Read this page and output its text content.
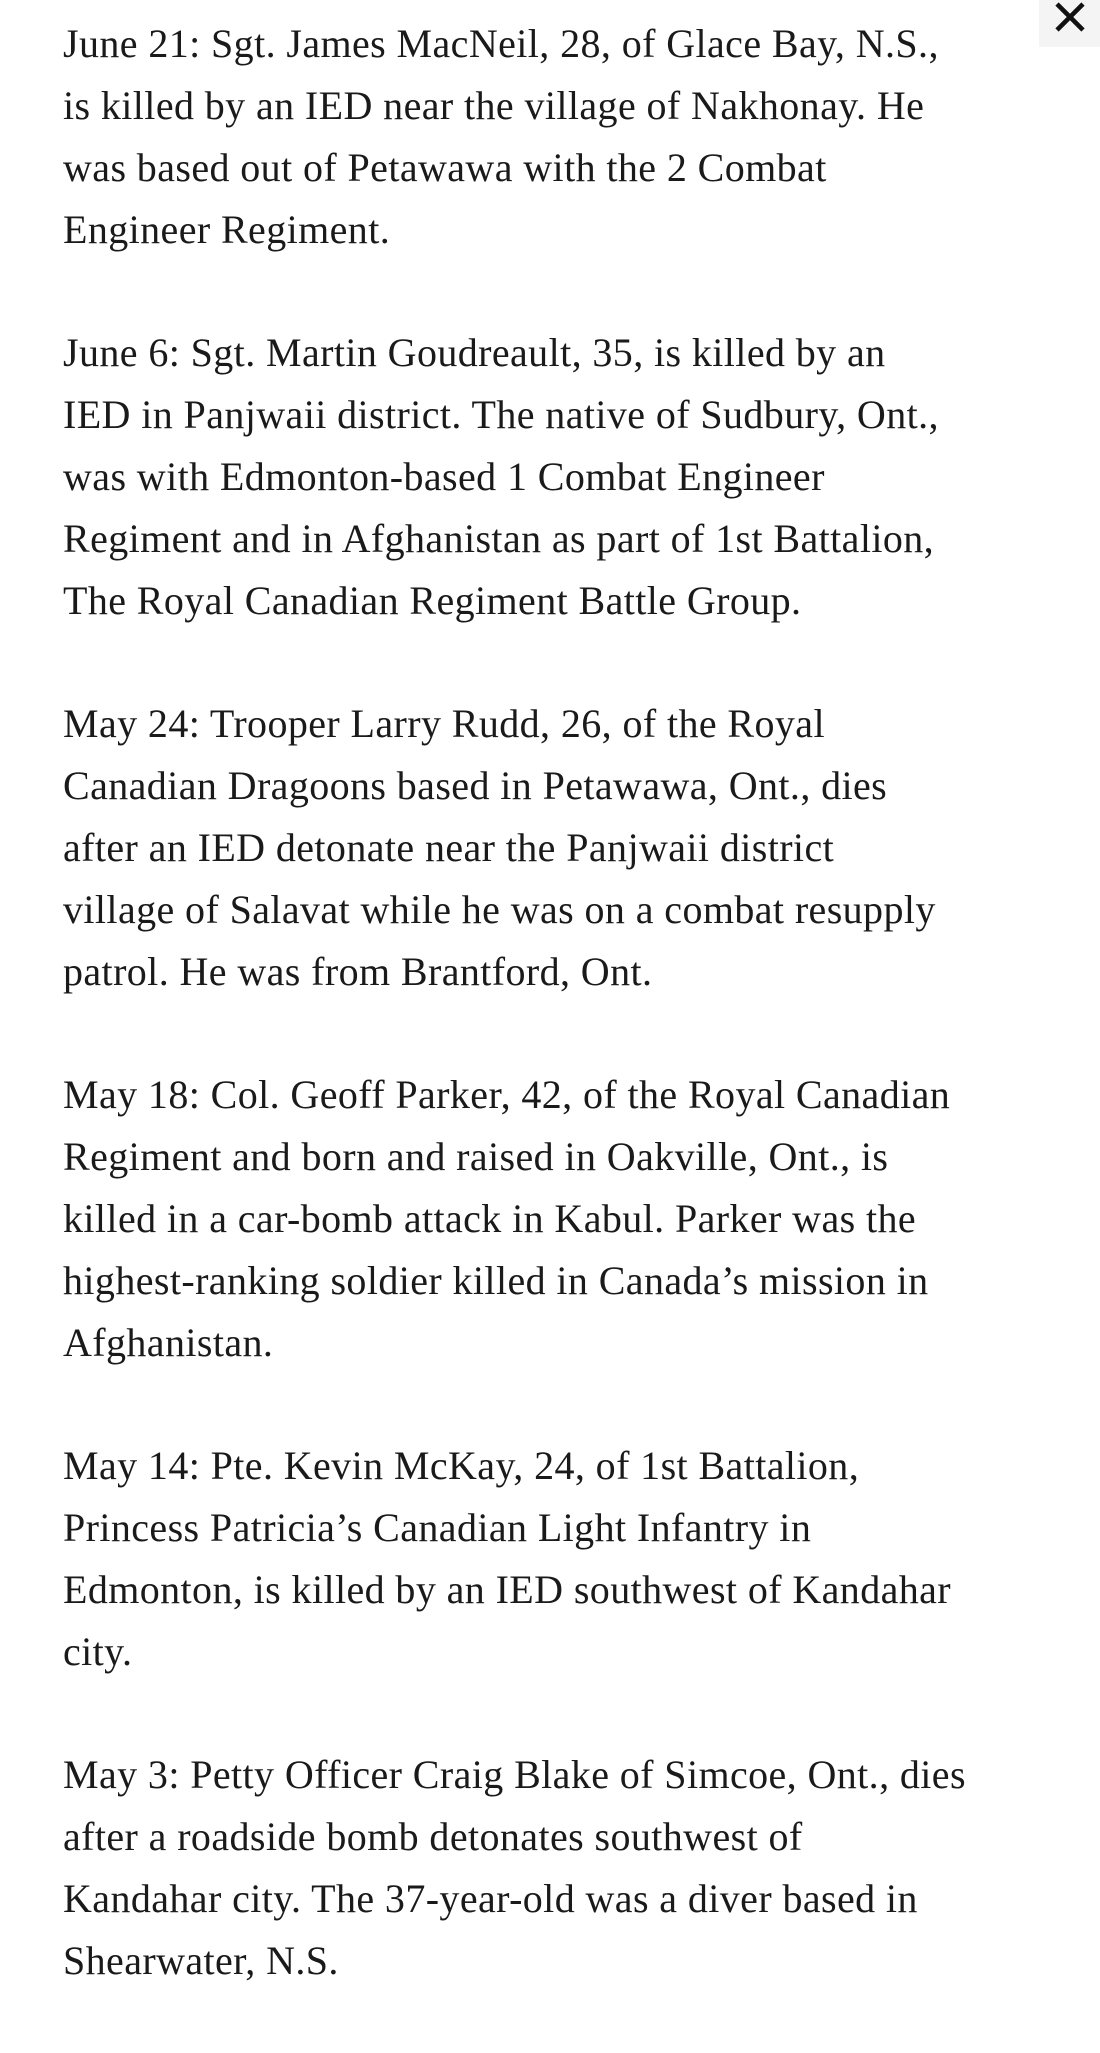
June 21: Sgt. James MacNeil, 28, of Glace Bay, N.S.,
is killed by an IED near the village of Nakhonay. He
was based out of Petawawa with the 2 Combat
Engineer Regiment.

June 6: Sgt. Martin Goudreault, 35, is killed by an
IED in Panjwaii district. The native of Sudbury, Ont.,
was with Edmonton-based 1 Combat Engineer
Regiment and in Afghanistan as part of 1st Battalion,
The Royal Canadian Regiment Battle Group.

May 24: Trooper Larry Rudd, 26, of the Royal
Canadian Dragoons based in Petawawa, Ont., dies
after an IED detonate near the Panjwaii district
village of Salavat while he was on a combat resupply
patrol. He was from Brantford, Ont.

May 18: Col. Geoff Parker, 42, of the Royal Canadian
Regiment and born and raised in Oakville, Ont., is
killed in a car-bomb attack in Kabul. Parker was the
highest-ranking soldier killed in Canada’s mission in
Afghanistan.

May 14: Pte. Kevin McKay, 24, of 1st Battalion,
Princess Patricia’s Canadian Light Infantry in
Edmonton, is killed by an IED southwest of Kandahar
city.

May 3: Petty Officer Craig Blake of Simcoe, Ont., dies
after a roadside bomb detonates southwest of
Kandahar city. The 37-year-old was a diver based in
Shearwater, N.S.
